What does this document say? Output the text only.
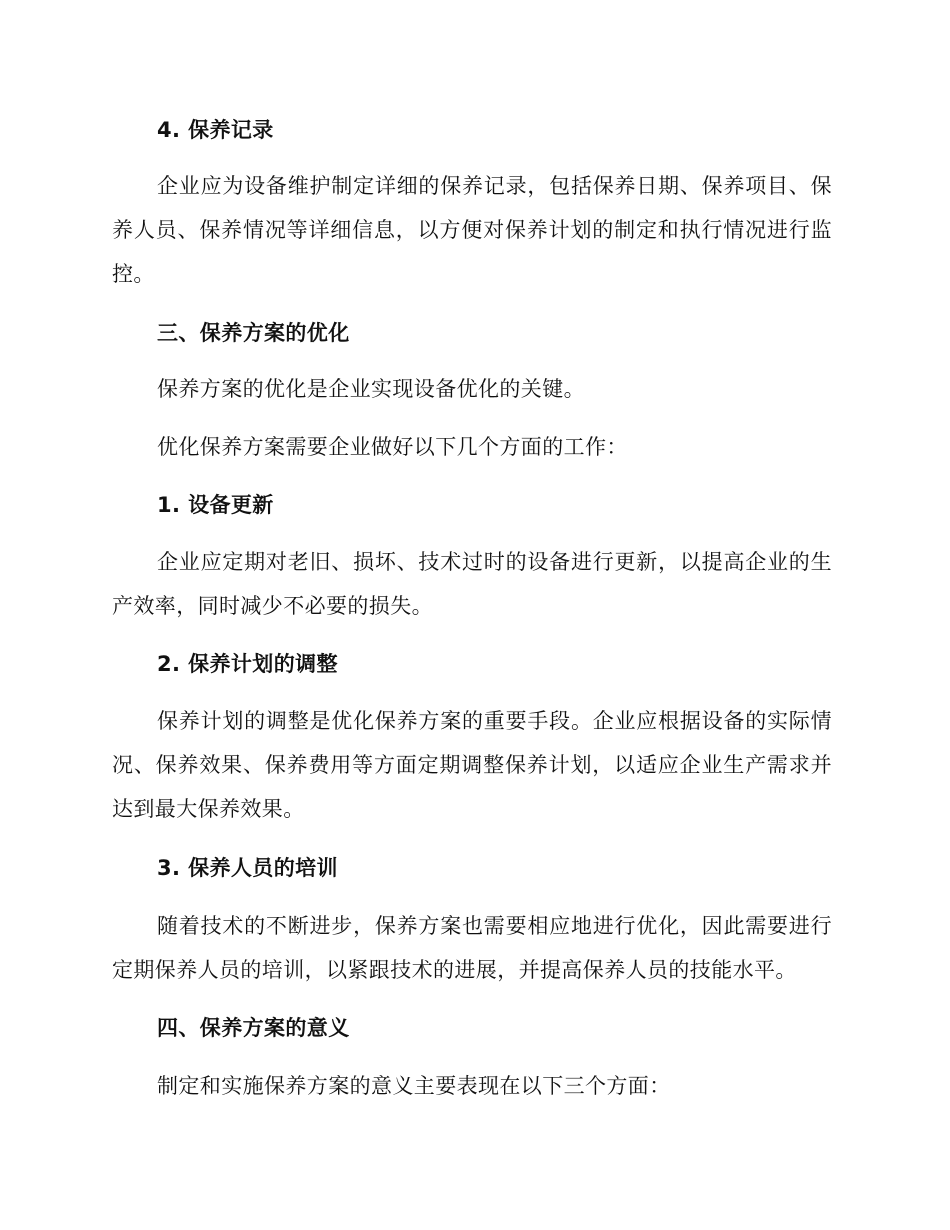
4. 保养记录
企业应为设备维护制定详细的保养记录，包括保养日期、保养项目、保养人员、保养情况等详细信息，以方便对保养计划的制定和执行情况进行监控。
三、保养方案的优化
保养方案的优化是企业实现设备优化的关键。
优化保养方案需要企业做好以下几个方面的工作：
1. 设备更新
企业应定期对老旧、损坏、技术过时的设备进行更新，以提高企业的生产效率，同时减少不必要的损失。
2. 保养计划的调整
保养计划的调整是优化保养方案的重要手段。企业应根据设备的实际情况、保养效果、保养费用等方面定期调整保养计划，以适应企业生产需求并达到最大保养效果。
3. 保养人员的培训
随着技术的不断进步，保养方案也需要相应地进行优化，因此需要进行定期保养人员的培训，以紧跟技术的进展，并提高保养人员的技能水平。
四、保养方案的意义
制定和实施保养方案的意义主要表现在以下三个方面：
